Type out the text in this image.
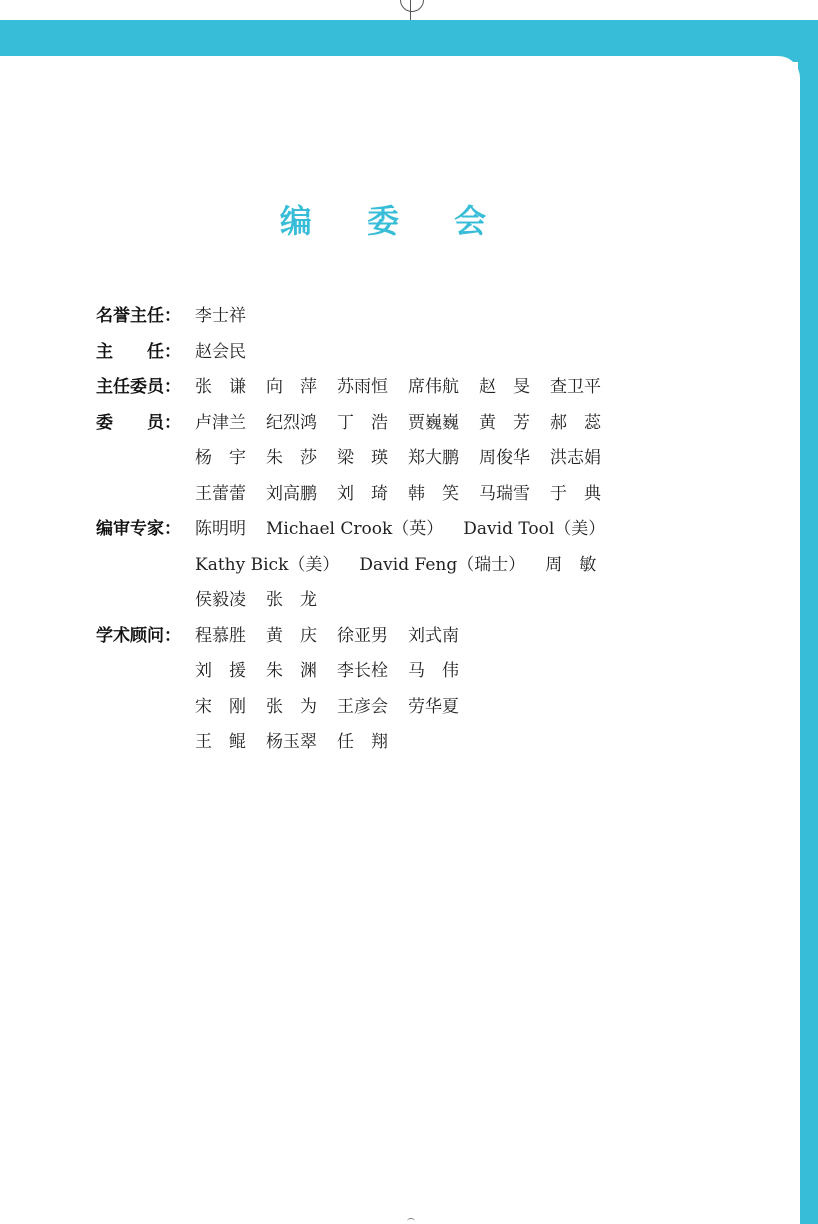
编 委 会
名誉主任： 李士祥
主　　任： 赵会民
主任委员： 张　谦 向　萍 苏雨恒 席伟航 赵　旻 查卫平
委　　员： 卢津兰 纪烈鸿 丁　浩 贾巍巍 黄　芳 郝　蕊
杨　宇 朱　莎 梁　瑛 郑大鹏 周俊华 洪志娟
王蕾蕾 刘高鹏 刘　琦 韩　笑 马瑞雪 于　典
编审专家： 陈明明 Michael Crook（英） David Tool（美）
Kathy Bick（美） David Feng（瑞士） 周　敏
侯毅凌 张　龙
学术顾问： 程慕胜 黄　庆 徐亚男 刘式南
刘　援 朱　渊 李长栓 马　伟
宋　刚 张　为 王彦会 劳华夏
王　鲲 杨玉翠 任　翔
